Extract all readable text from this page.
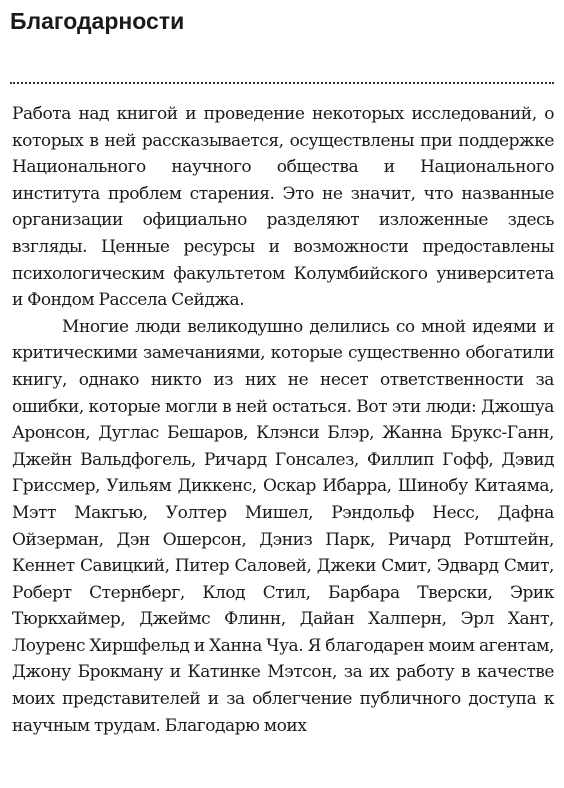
Благодарности

Работа над книгой и проведение некоторых исследований, о которых в ней рассказывается, осуществлены при поддержке Национального научного общества и Национального института проблем старения. Это не значит, что названные организации официально разделяют изложенные здесь взгляды. Ценные ресурсы и возможности предоставлены психологическим факультетом Колумбийского университета и Фондом Рассела Сейджа.

Многие люди великодушно делились со мной идеями и критическими замечаниями, которые существенно обогатили книгу, однако никто из них не несет ответственности за ошибки, которые могли в ней остаться. Вот эти люди: Джошуа Аронсон, Дуглас Бешаров, Клэнси Блэр, Жанна Брукс-Ганн, Джейн Вальдфогель, Ричард Гонсалез, Филлип Гофф, Дэвид Гриссмер, Уильям Диккенс, Оскар Ибарра, Шинобу Китаяма, Мэтт Макгью, Уолтер Мишел, Рэндольф Несс, Дафна Ойзерман, Дэн Ошерсон, Дэниз Парк, Ричард Ротштейн, Кеннет Савицкий, Питер Саловей, Джеки Смит, Эдвард Смит, Роберт Стернберг, Клод Стил, Барбара Тверски, Эрик Тюркхаймер, Джеймс Флинн, Дайан Халперн, Эрл Хант, Лоуренс Хиршфельд и Ханна Чуа. Я благодарен моим агентам, Джону Брокману и Катинке Мэтсон, за их работу в качестве моих представителей и за облегчение публичного доступа к научным трудам. Благодарю моих
